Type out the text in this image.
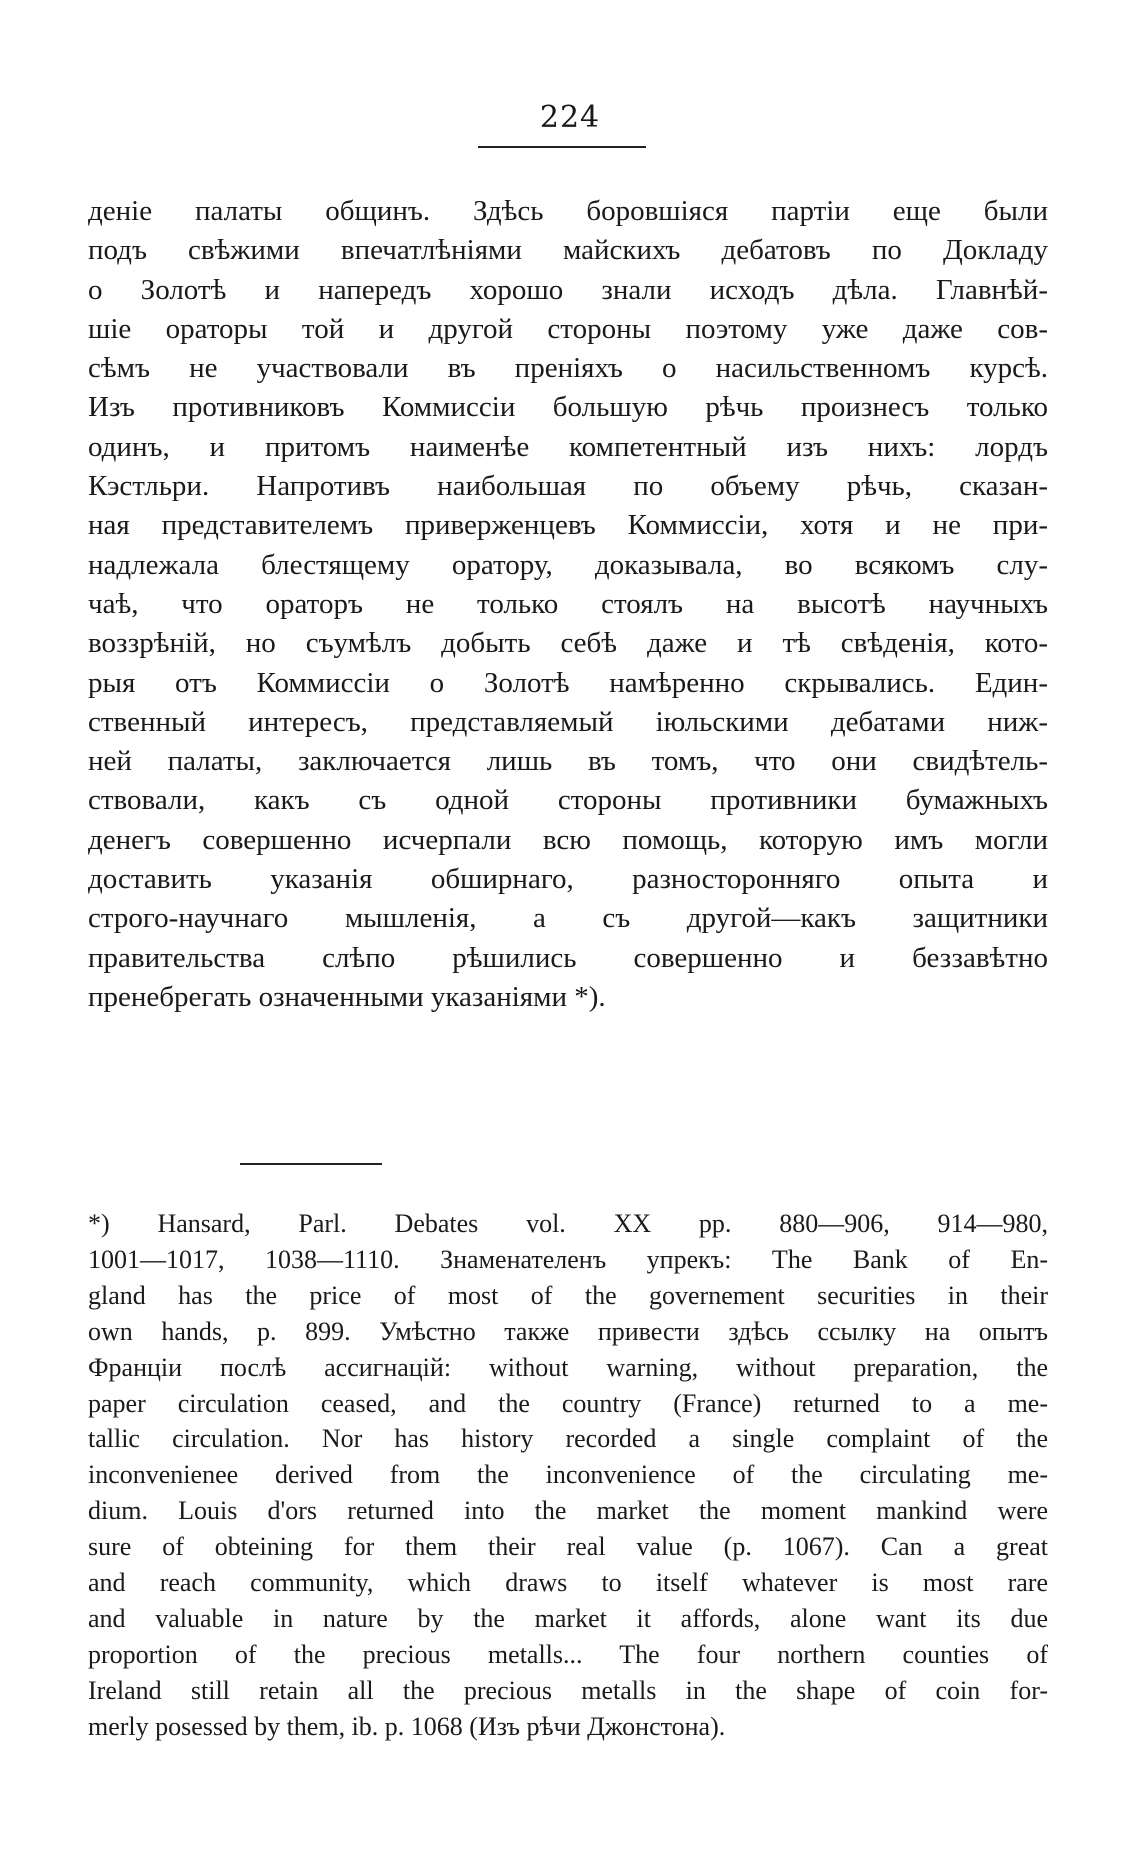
224
деніе палаты общинъ. Здѣсь боровшіяся партіи еще были
подъ свѣжими впечатлѣніями майскихъ дебатовъ по Докладу
о Золотѣ и напередъ хорошо знали исходъ дѣла. Главнѣй-
шіе ораторы той и другой стороны поэтому уже даже сов-
сѣмъ не участвовали въ преніяхъ о насильственномъ курсѣ.
Изъ противниковъ Коммиссіи большую рѣчь произнесъ только
одинъ, и притомъ наименѣе компетентный изъ нихъ: лордъ
Кэстльри. Напротивъ наибольшая по объему рѣчь, сказан-
ная представителемъ приверженцевъ Коммиссіи, хотя и не при-
надлежала блестящему оратору, доказывала, во всякомъ слу-
чаѣ, что ораторъ не только стоялъ на высотѣ научныхъ
воззрѣній, но съумѣлъ добыть себѣ даже и тѣ свѣденія, кото-
рыя отъ Коммиссіи о Золотѣ намѣренно скрывались. Един-
ственный интересъ, представляемый іюльскими дебатами ниж-
ней палаты, заключается лишь въ томъ, что они свидѣтель-
ствовали, какъ съ одной стороны противники бумажныхъ
денегъ совершенно исчерпали всю помощь, которую имъ могли
доставить указанія обширнаго, разносторонняго опыта и
строго-научнаго мышленія, а съ другой—какъ защитники
правительства слѣпо рѣшились совершенно и беззавѣтно
пренебрегать означенными указаніями *).
*) Hansard, Parl. Debates vol. XX pp. 880—906, 914—980,
1001—1017, 1038—1110. Знаменателенъ упрекъ: The Bank of En-
gland has the price of most of the governement securities in their
own hands, p. 899. Умѣстно также привести здѣсь ссылку на опытъ
Франціи послѣ ассигнацій: without warning, without preparation, the
paper circulation ceased, and the country (France) returned to a me-
tallic circulation. Nor has history recorded a single complaint of the
inconvenienee derived from the inconvenience of the circulating me-
dium. Louis d'ors returned into the market the moment mankind were
sure of obteining for them their real value (p. 1067). Can a great
and reach community, which draws to itself whatever is most rare
and valuable in nature by the market it affords, alone want its due
proportion of the precious metalls... The four northern counties of
Ireland still retain all the precious metalls in the shape of coin for-
merly posessed by them, ib. p. 1068 (Изъ рѣчи Джонстона).
